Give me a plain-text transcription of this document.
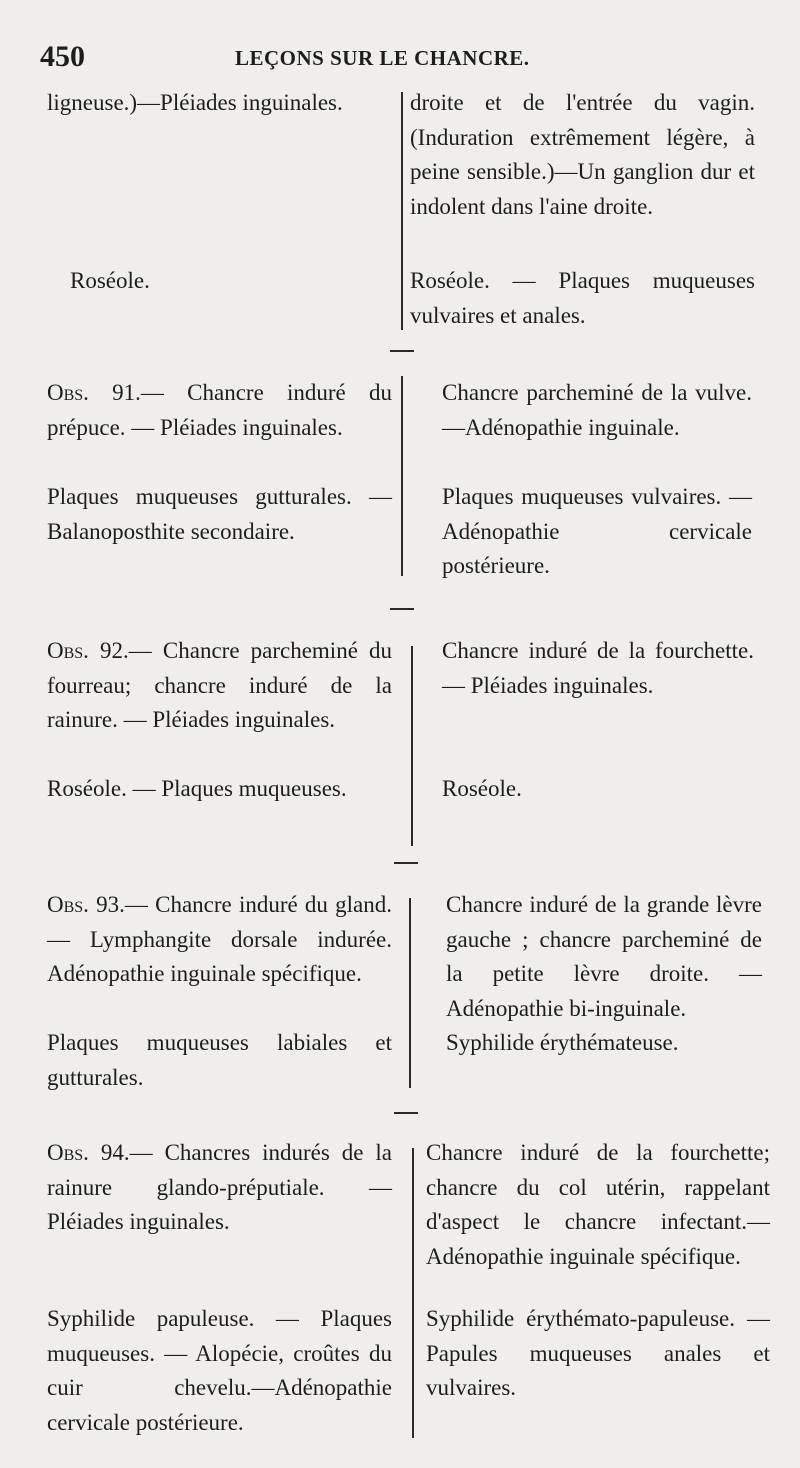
450	LEÇONS SUR LE CHANCRE.
ligneuse.)—Pléiades inguinales.
Roséole.
droite et de l'entrée du vagin. (Induration extrêmement légère, à peine sensible.)—Un ganglion dur et indolent dans l'aine droite.
Roséole. — Plaques muqueuses vulvaires et anales.
Obs. 91.— Chancre induré du prépuce. — Pléiades inguinales.
Plaques muqueuses gutturales. — Balanoposthite secondaire.
Chancre parcheminé de la vulve.—Adénopathie inguinale.
Plaques muqueuses vulvaires. — Adénopathie cervicale postérieure.
Obs. 92.— Chancre parcheminé du fourreau; chancre induré de la rainure. — Pléiades inguinales.
Roséole. — Plaques muqueuses.
Chancre induré de la fourchette. — Pléiades inguinales.
Roséole.
Obs. 93.— Chancre induré du gland. — Lymphangite dorsale indurée. Adénopathie inguinale spécifique.
Plaques muqueuses labiales et gutturales.
Chancre induré de la grande lèvre gauche ; chancre parcheminé de la petite lèvre droite. — Adénopathie bi-inguinale.
Syphilide érythémateuse.
Obs. 94.— Chancres indurés de la rainure glando-préputiale. — Pléiades inguinales.
Syphilide papuleuse. — Plaques muqueuses. — Alopécie, croûtes du cuir chevelu.—Adénopathie cervicale postérieure.
Chancre induré de la fourchette; chancre du col utérin, rappelant d'aspect le chancre infectant.— Adénopathie inguinale spécifique.
Syphilide érythémato-papuleuse. — Papules muqueuses anales et vulvaires.
